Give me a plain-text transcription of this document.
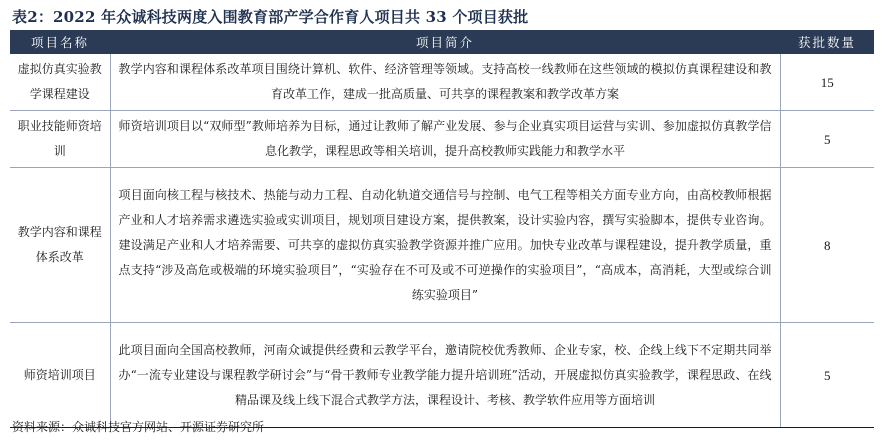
表2：2022 年众诚科技两度入围教育部产学合作育人项目共 33 个项目获批
项目名称	项目简介	获批数量
虚拟仿真实验教学课程建设	教学内容和课程体系改革项目围绕计算机、软件、经济管理等领域。支持高校一线教师在这些领域的模拟仿真课程建设和教育改革工作，建成一批高质量、可共享的课程教案和教学改革方案	15
职业技能师资培训	师资培训项目以“双师型”教师培养为目标，通过让教师了解产业发展、参与企业真实项目运营与实训、参加虚拟仿真教学信息化教学，课程思政等相关培训，提升高校教师实践能力和教学水平	5
教学内容和课程体系改革	项目面向核工程与核技术、热能与动力工程、自动化轨道交通信号与控制、电气工程等相关方面专业方向，由高校教师根据产业和人才培养需求遴选实验或实训项目，规划项目建设方案，提供教案，设计实验内容，撰写实验脚本，提供专业咨询。建设满足产业和人才培养需要、可共享的虚拟仿真实验教学资源并推广应用。加快专业改革与课程建设，提升教学质量，重点支持“涉及高危或极端的环境实验项目”，“实验存在不可及或不可逆操作的实验项目”，“高成本，高消耗，大型或综合训练实验项目”	8
师资培训项目	此项目面向全国高校教师，河南众诚提供经费和云教学平台，邀请院校优秀教师、企业专家，校、企线上线下不定期共同举办“一流专业建设与课程教学研讨会”与“骨干教师专业教学能力提升培训班”活动，开展虚拟仿真实验教学，课程思政、在线精品课及线上线下混合式教学方法，课程设计、考核、教学软件应用等方面培训	5
资料来源：众诚科技官方网站、开源证券研究所
